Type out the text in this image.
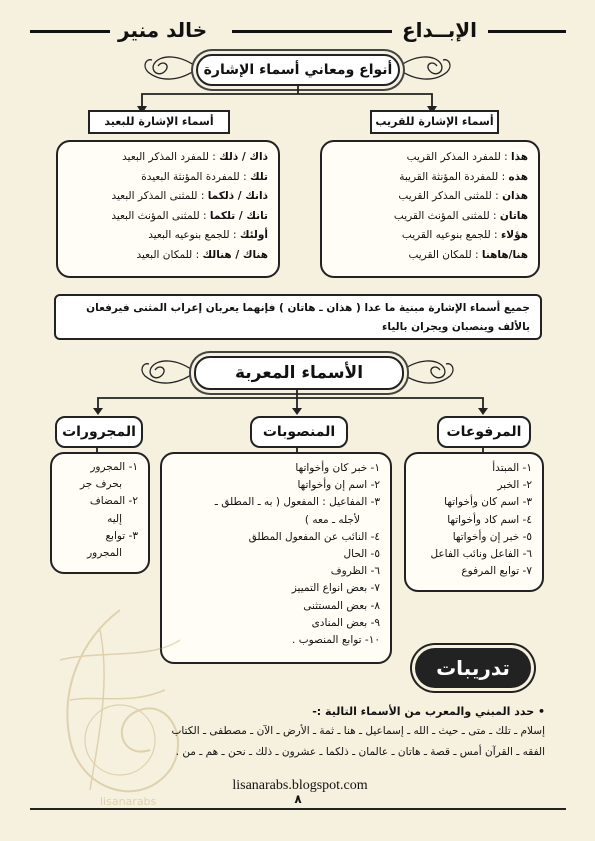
خالد منير	الإبــداع
أنواع ومعاني أسماء الإشارة
أسماء الإشارة للبعيد	أسماء الإشارة للقريب
ذاك / ذلك : للمفرد المذكر البعيد
تلك : للمفردة المؤنثة البعيدة
ذانك / ذلكما : للمثنى المذكر البعيد
تانك / تلكما : للمثنى المؤنث البعيد
أولئك : للجمع بنوعيه البعيد
هناك / هنالك : للمكان البعيد
هذا : للمفرد المذكر القريب
هذه : للمفردة المؤنثة القريبة
هذان : للمثنى المذكر القريب
هاتان : للمثنى المؤنث القريب
هؤلاء : للجمع بنوعيه القريب
هنا/هاهنا : للمكان القريب
جميع أسماء الإشارة مبنية ما عدا ( هذان ـ هاتان ) فإنهما يعربان إعراب المثنى فيرفعان بالألف وينصبان ويجران بالياء
الأسماء المعربة
المجرورات	المنصوبات	المرفوعات
١- المجرور
بحرف جر
٢- المضاف
إليه
٣- توابع
المجرور
١- خبر كان وأخواتها
٢- اسم إن وأخواتها
٣- المفاعيل : المفعول ( به ـ المطلق ـ
لأجله ـ معه )
٤- النائب عن المفعول المطلق
٥- الحال
٦- الظروف
٧- بعض انواع التمييز
٨- بعض المستثنى
٩- بعض المنادى
١٠- توابع المنصوب .
١- المبتدأ
٢- الخبر
٣- اسم كان وأخواتها
٤- اسم كاد وأخواتها
٥- خبر إن وأخواتها
٦- الفاعل ونائب الفاعل
٧- توابع المرفوع
lisanarabs
تدريبات
• حدد المبني والمعرب من الأسماء التالية :-
إسلام ـ تلك ـ متى ـ حيث ـ الله ـ إسماعيل ـ هنا ـ ثمة ـ الأرض ـ الآن ـ مصطفى ـ الكتاب
الفقه ـ القرآن أمس ـ قصة ـ هاتان ـ عالمان ـ ذلكما ـ عشرون ـ ذلك ـ نحن ـ هم ـ من .
lisanarabs.blogspot.com
٨
